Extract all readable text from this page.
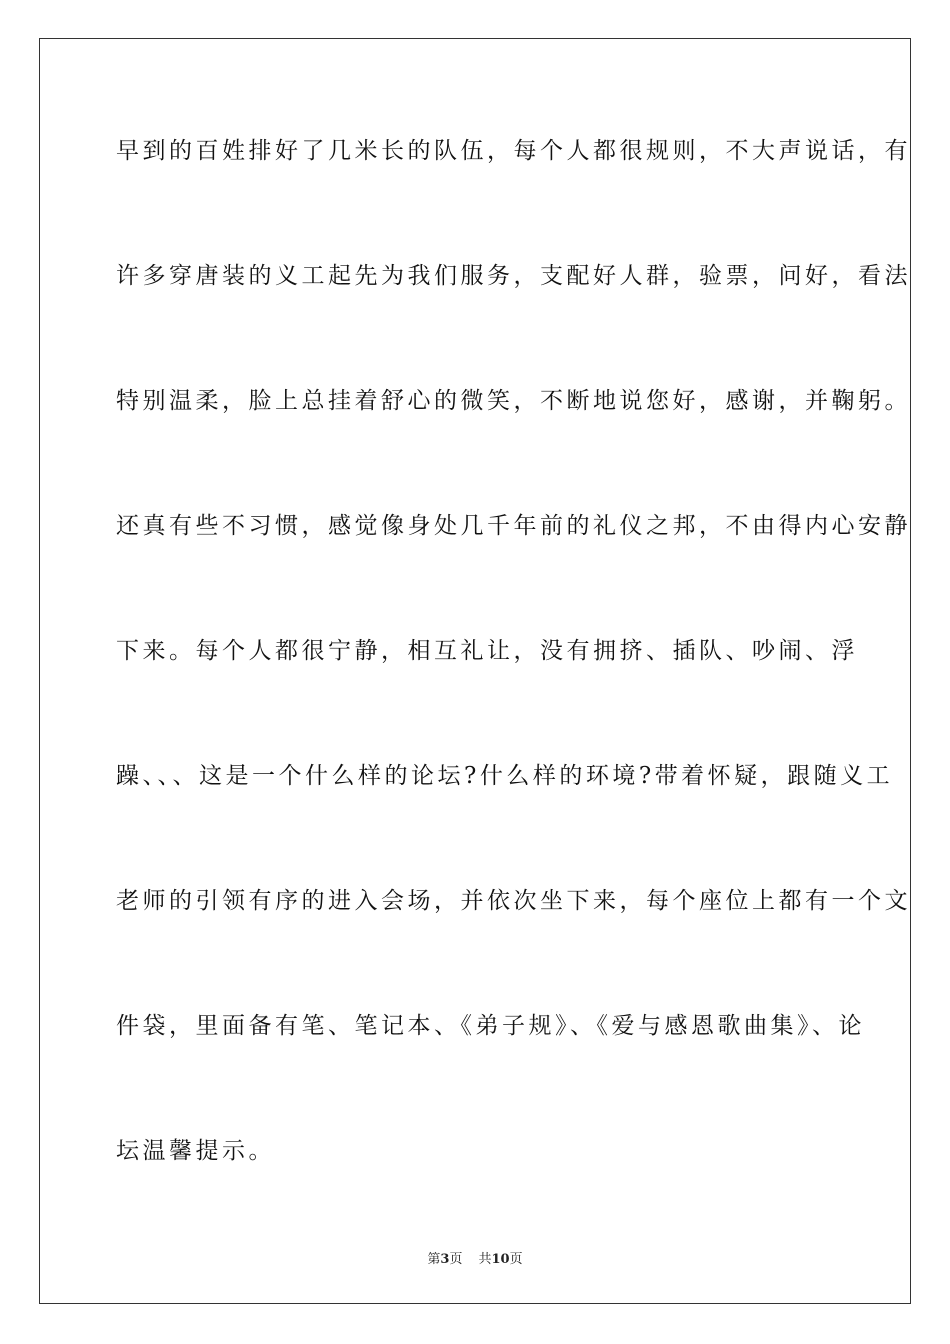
早到的百姓排好了几米长的队伍，每个人都很规则，不大声说话，有
许多穿唐装的义工起先为我们服务，支配好人群，验票，问好，看法
特别温柔，脸上总挂着舒心的微笑，不断地说您好，感谢，并鞠躬。
还真有些不习惯，感觉像身处几千年前的礼仪之邦，不由得内心安静
下来。每个人都很宁静，相互礼让，没有拥挤、插队、吵闹、浮
躁、、、这是一个什么样的论坛?什么样的环境?带着怀疑，跟随义工
老师的引领有序的进入会场，并依次坐下来，每个座位上都有一个文
件袋，里面备有笔、笔记本、《弟子规》、《爱与感恩歌曲集》、论
坛温馨提示。
第3页 共10页
